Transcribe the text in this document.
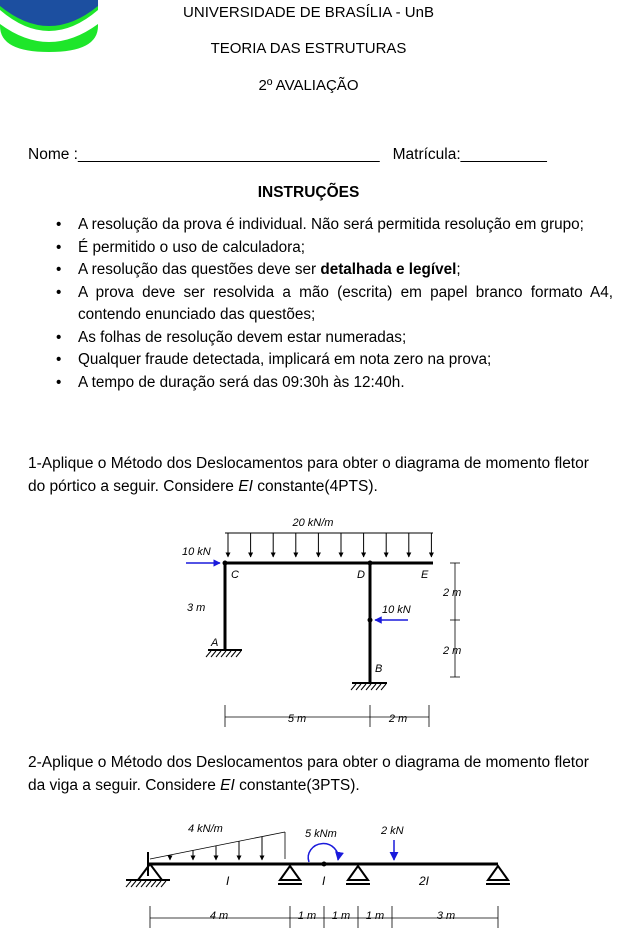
UNIVERSIDADE DE BRASÍLIA - UnB
TEORIA DAS ESTRUTURAS
2º AVALIAÇÃO
Nome :___________________________________ Matrícula:__________
INSTRUÇÕES
• A resolução da prova é individual. Não será permitida resolução em grupo;
• É permitido o uso de calculadora;
• A resolução das questões deve ser detalhada e legível;
• A prova deve ser resolvida a mão (escrita) em papel branco formato A4, contendo enunciado das questões;
• As folhas de resolução devem estar numeradas;
• Qualquer fraude detectada, implicará em nota zero na prova;
• A tempo de duração será das 09:30h às 12:40h.
1-Aplique o Método dos Deslocamentos para obter o diagrama de momento fletor do pórtico a seguir. Considere EI constante(4PTS).
20 kN/m
10 kN
10 kN
C	D	E
A
B
3 m
2 m
2 m
5 m	2 m
2-Aplique o Método dos Deslocamentos para obter o diagrama de momento fletor da viga a seguir. Considere EI constante(3PTS).
4 kN/m	5 kNm	2 kN
I	I	2I
4 m	1 m 1 m 1 m	3 m
